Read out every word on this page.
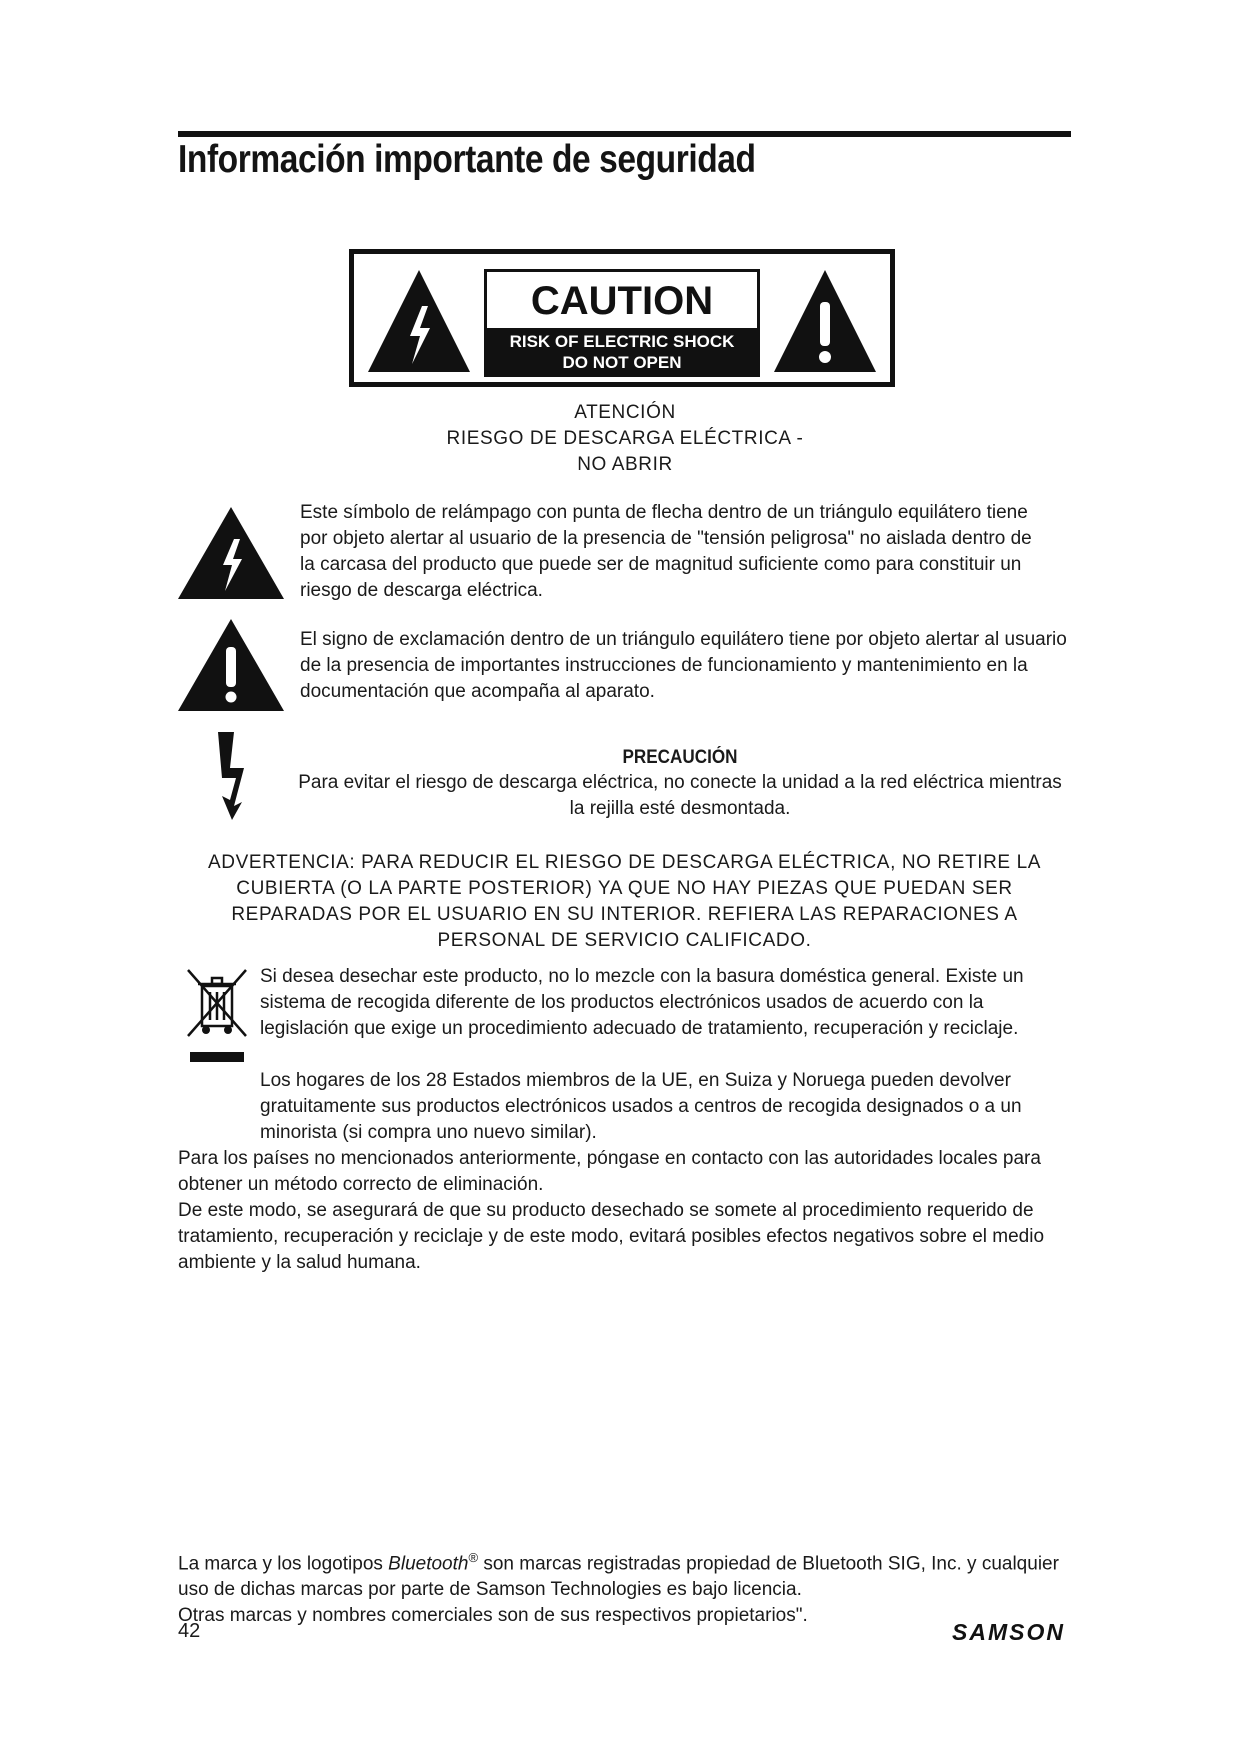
Información importante de seguridad
CAUTION
RISK OF ELECTRIC SHOCK
DO NOT OPEN
ATENCIÓN
RIESGO DE DESCARGA ELÉCTRICA -
NO ABRIR

Este símbolo de relámpago con punta de flecha dentro de un triángulo equilátero tiene por objeto alertar al usuario de la presencia de "tensión peligrosa" no aislada dentro de la carcasa del producto que puede ser de magnitud suficiente como para constituir un riesgo de descarga eléctrica.

El signo de exclamación dentro de un triángulo equilátero tiene por objeto alertar al usuario de la presencia de importantes instrucciones de funcionamiento y mantenimiento en la documentación que acompaña al aparato.

PRECAUCIÓN
Para evitar el riesgo de descarga eléctrica, no conecte la unidad a la red eléctrica mientras la rejilla esté desmontada.
ADVERTENCIA: PARA REDUCIR EL RIESGO DE DESCARGA ELÉCTRICA, NO RETIRE LA CUBIERTA (O LA PARTE POSTERIOR) YA QUE NO HAY PIEZAS QUE PUEDAN SER REPARADAS POR EL USUARIO EN SU INTERIOR. REFIERA LAS REPARACIONES A PERSONAL DE SERVICIO CALIFICADO.
Si desea desechar este producto, no lo mezcle con la basura doméstica general. Existe un sistema de recogida diferente de los productos electrónicos usados de acuerdo con la legislación que exige un procedimiento adecuado de tratamiento, recuperación y reciclaje.

Los hogares de los 28 Estados miembros de la UE, en Suiza y Noruega pueden devolver gratuitamente sus productos electrónicos usados a centros de recogida designados o a un minorista (si compra uno nuevo similar).

Para los países no mencionados anteriormente, póngase en contacto con las autoridades locales para obtener un método correcto de eliminación.

De este modo, se asegurará de que su producto desechado se somete al procedimiento requerido de tratamiento, recuperación y reciclaje y de este modo, evitará posibles efectos negativos sobre el medio ambiente y la salud humana.

La marca y los logotipos Bluetooth® son marcas registradas propiedad de Bluetooth SIG, Inc. y cualquier uso de dichas marcas por parte de Samson Technologies es bajo licencia.

Otras marcas y nombres comerciales son de sus respectivos propietarios".

42	SAMSON
